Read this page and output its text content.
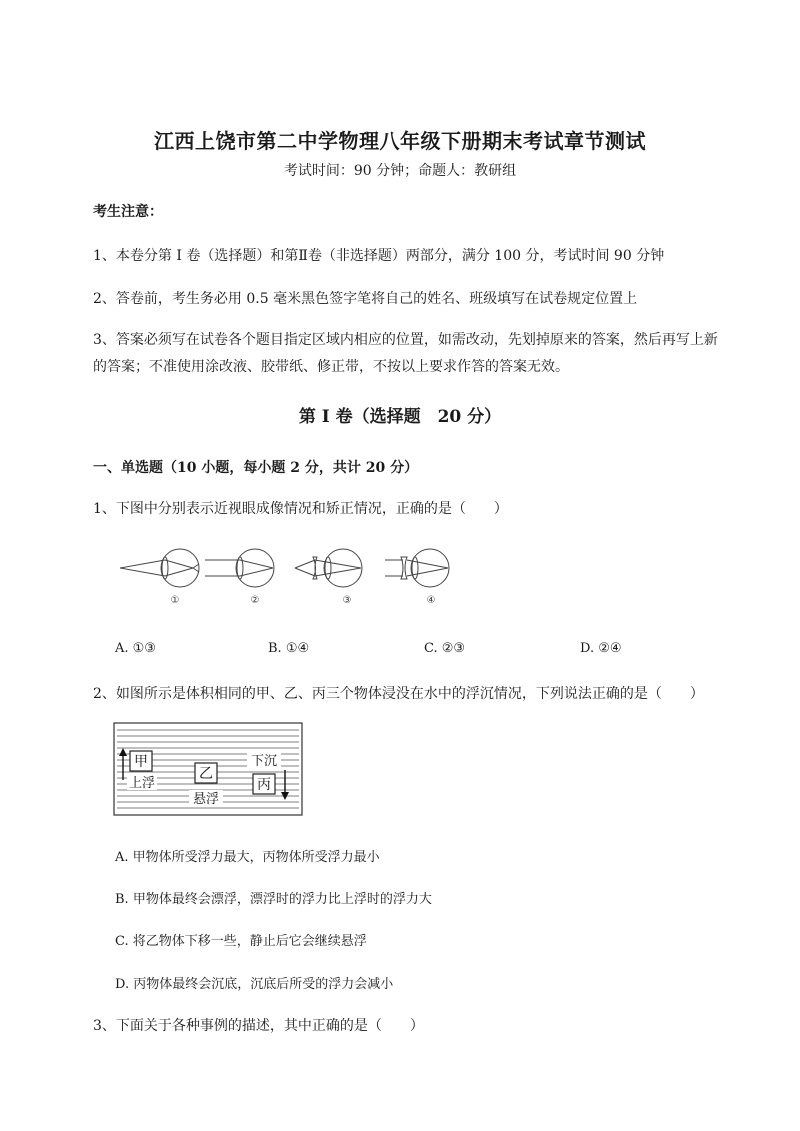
江西上饶市第二中学物理八年级下册期末考试章节测试
考试时间：90 分钟；命题人：教研组
考生注意：
1、本卷分第 I 卷（选择题）和第Ⅱ卷（非选择题）两部分，满分 100 分，考试时间 90 分钟
2、答卷前，考生务必用 0.5 毫米黑色签字笔将自己的姓名、班级填写在试卷规定位置上
3、答案必须写在试卷各个题目指定区域内相应的位置，如需改动，先划掉原来的答案，然后再写上新
的答案；不准使用涂改液、胶带纸、修正带，不按以上要求作答的答案无效。
第 I 卷（选择题　20 分）
一、单选题（10 小题，每小题 2 分，共计 20 分）
1、下图中分别表示近视眼成像情况和矫正情况，正确的是（　　）
①	②	③	④
A. ①③	B. ①④	C. ②③	D. ②④
2、如图所示是体积相同的甲、乙、丙三个物体浸没在水中的浮沉情况，下列说法正确的是（　　）
甲
上浮
乙
悬浮
下沉
丙
A. 甲物体所受浮力最大，丙物体所受浮力最小
B. 甲物体最终会漂浮，漂浮时的浮力比上浮时的浮力大
C. 将乙物体下移一些，静止后它会继续悬浮
D. 丙物体最终会沉底，沉底后所受的浮力会减小
3、下面关于各种事例的描述，其中正确的是（　　）
